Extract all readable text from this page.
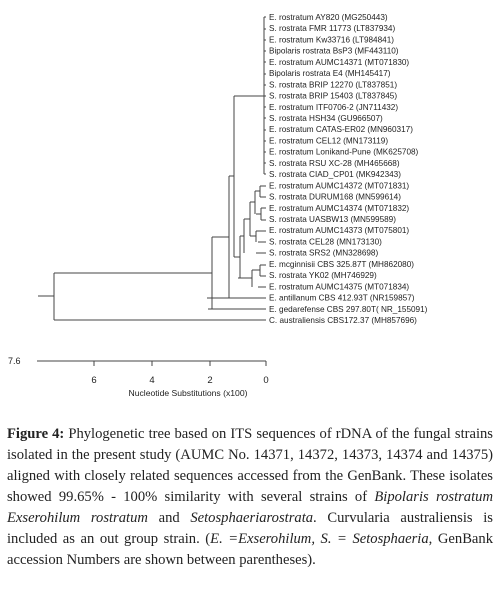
E. rostratum AY820 (MG250443)
S. rostrata FMR 11773 (LT837934)
E. rostratum Kw33716 (LT984841)
Bipolaris rostrata BsP3 (MF443110)
E. rostratum AUMC14371 (MT071830)
Bipolaris rostrata E4 (MH145417)
S. rostrata BRIP 12270 (LT837851)
S. rostrata BRIP 15403 (LT837845)
E. rostratum ITF0706-2 (JN711432)
S. rostrata HSH34 (GU966507)
E. rostratum CATAS-ER02 (MN960317)
E. rostratum CEL12 (MN173119)
E. rostratum Lonikand-Pune (MK625708)
S. rostrata RSU XC-28 (MH465668)
S. rostrata CIAD_CP01 (MK942343)
E. rostratum AUMC14372 (MT071831)
S. rostrata DURUM168 (MN599614)
E. rostratum AUMC14374 (MT071832)
S. rostrata UASBW13 (MN599589)
E. rostratum AUMC14373 (MT075801)
S. rostrata CEL28 (MN173130)
S. rostrata SRS2 (MN328698)
E. mcginnisii CBS 325.87T (MH862080)
S. rostrata YK02 (MH746929)
E. rostratum AUMC14375 (MT071834)
E. antillanum CBS 412.93T (NR159857)
E. gedarefense CBS 297.80T( NR_155091)
C. australiensis CBS172.37 (MH857696)
7.6
6	4	2	0
Nucleotide Substitutions (x100)

Figure 4: Phylogenetic tree based on ITS sequences of rDNA of the fungal strains isolated in the present study (AUMC No. 14371, 14372, 14373, 14374 and 14375) aligned with closely related sequences accessed from the GenBank. These isolates showed 99.65% - 100% similarity with several strains of Bipolaris rostratum Exserohilum rostratum and Setosphaeriarostrata. Curvularia australiensis is included as an out group strain. (E. =Exserohilum, S. = Setosphaeria, GenBank accession Numbers are shown between parentheses).
